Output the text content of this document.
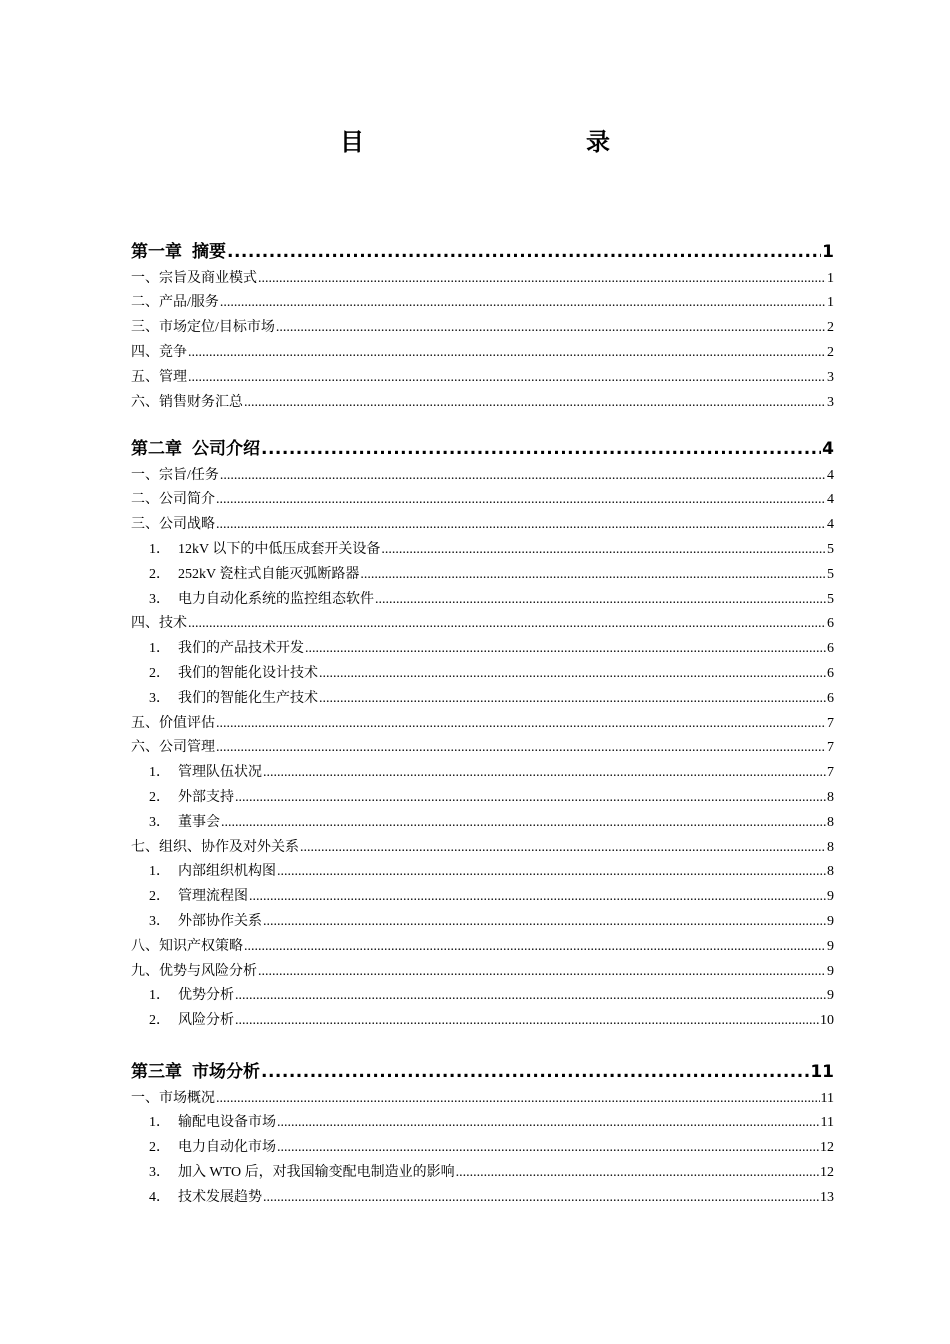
目　　录
第一章 摘要 .....	1
一、宗旨及商业模式 .....	1
二、产品/服务 .....	1
三、市场定位/目标市场 .....	2
四、竞争 .....	2
五、管理 .....	3
六、销售财务汇总 .....	3
第二章 公司介绍 .....	4
一、宗旨/任务 .....	4
二、公司简介 .....	4
三、公司战略 .....	4
1． 12kV 以下的中低压成套开关设备 .....	5
2． 252kV 瓷柱式自能灭弧断路器 .....	5
3． 电力自动化系统的监控组态软件 .....	5
四、技术 .....	6
1． 我们的产品技术开发 .....	6
2． 我们的智能化设计技术 .....	6
3． 我们的智能化生产技术 .....	6
五、价值评估 .....	7
六、公司管理 .....	7
1． 管理队伍状况 .....	7
2． 外部支持 .....	8
3． 董事会 .....	8
七、组织、协作及对外关系 .....	8
1． 内部组织机构图 .....	8
2． 管理流程图 .....	9
3． 外部协作关系 .....	9
八、知识产权策略 .....	9
九、优势与风险分析 .....	9
1． 优势分析 .....	9
2． 风险分析 .....	10
第三章 市场分析 .....	11
一、市场概况 .....	11
1． 输配电设备市场 .....	11
2． 电力自动化市场 .....	12
3． 加入 WTO 后，对我国输变配电制造业的影响 .....	12
4． 技术发展趋势 .....	13
